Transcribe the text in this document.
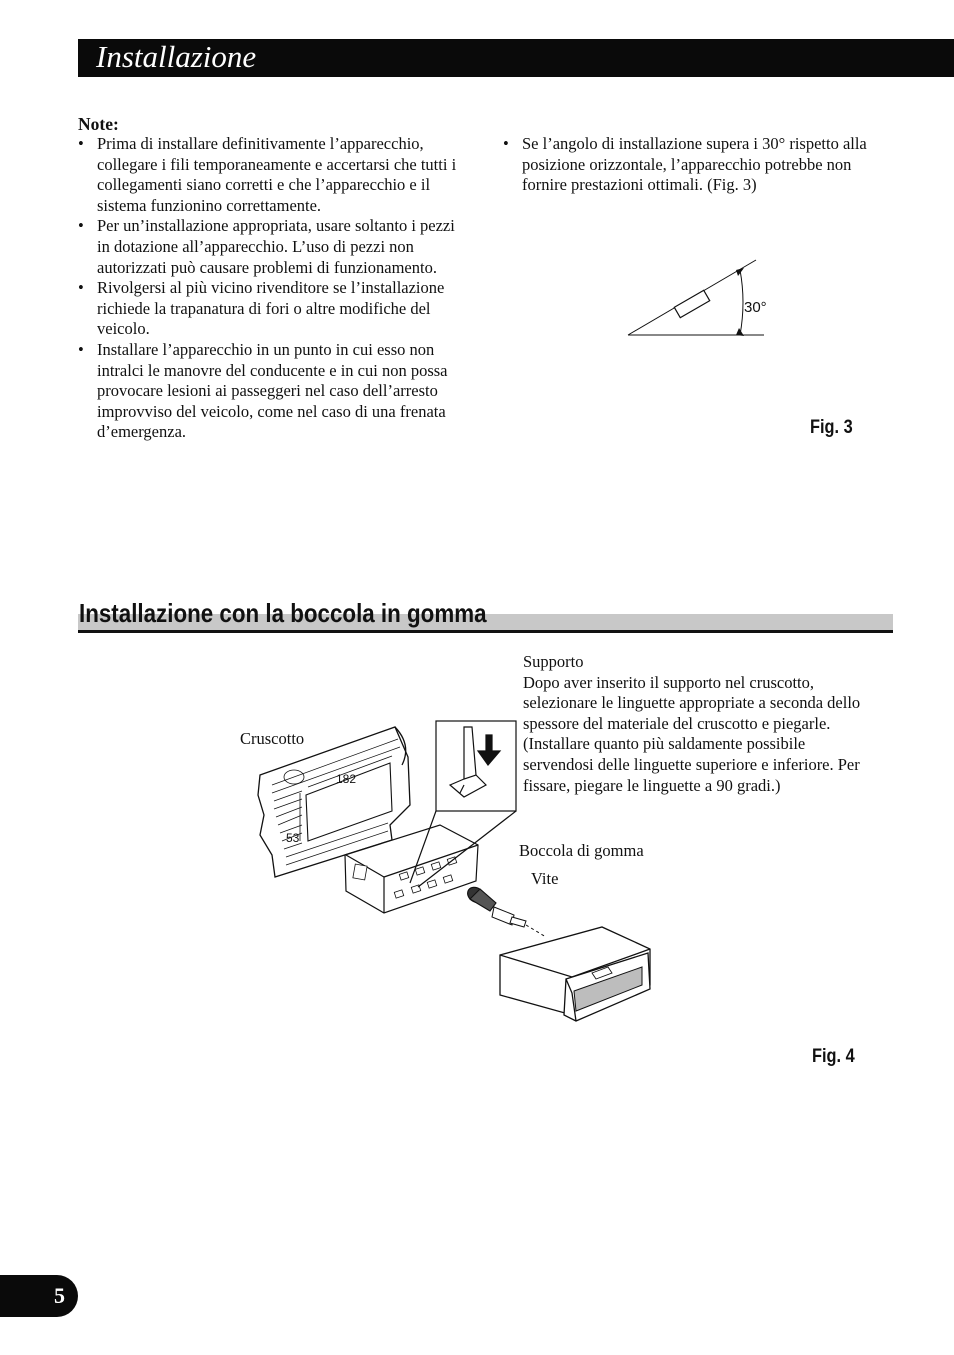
Installazione

Note:

• Prima di installare definitivamente l’apparecchio, collegare i fili temporaneamente e accertarsi che tutti i collegamenti siano corretti e che l’apparecchio e il sistema funzionino correttamente.
• Per un’installazione appropriata, usare soltanto i pezzi in dotazione all’apparecchio. L’uso di pezzi non autorizzati può causare problemi di funzionamento.
• Rivolgersi al più vicino rivenditore se l’installazione richiede la trapanatura di fori o altre modifiche del veicolo.
• Installare l’apparecchio in un punto in cui esso non intralci le manovre del conducente e in cui non possa provocare lesioni ai passeggeri nel caso dell’arresto improvviso del veicolo, come nel caso di una frenata d’emergenza.
• Se l’angolo di installazione supera i 30° rispetto alla posizione orizzontale, l’apparecchio potrebbe non fornire prestazioni ottimali. (Fig. 3)
30°
Fig. 3
Installazione con la boccola in gomma
Supporto
Dopo aver inserito il supporto nel cruscotto, selezionare le linguette appropriate a seconda dello spessore del materiale del cruscotto e piegarle. (Installare quanto più saldamente possibile servendosi delle linguette superiore e inferiore. Per fissare, piegare le linguette a 90 gradi.)
Cruscotto
Boccola di gomma
Vite
182
53
Fig. 4
5
